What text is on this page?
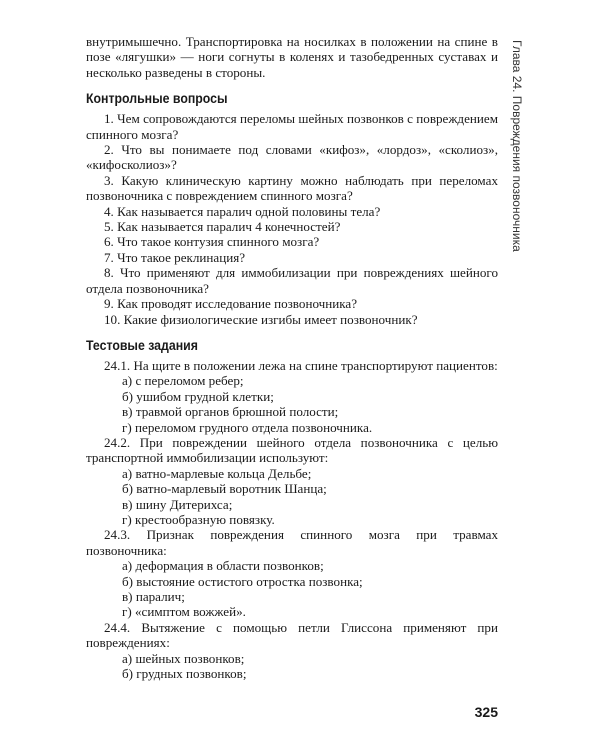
внутримышечно. Транспортировка на носилках в положении на спине в позе «лягушки» — ноги согнуты в коленях и тазобедренных суставах и несколько разведены в стороны.

Контрольные вопросы

1. Чем сопровождаются переломы шейных позвонков с повреждением спинного мозга?

2. Что вы понимаете под словами «кифоз», «лордоз», «сколиоз», «кифосколиоз»?

3. Какую клиническую картину можно наблюдать при переломах позвоночника с повреждением спинного мозга?

4. Как называется паралич одной половины тела?

5. Как называется паралич 4 конечностей?

6. Что такое контузия спинного мозга?

7. Что такое реклинация?

8. Что применяют для иммобилизации при повреждениях шейного отдела позвоночника?

9. Как проводят исследование позвоночника?

10. Какие физиологические изгибы имеет позвоночник?

Тестовые задания

24.1. На щите в положении лежа на спине транспортируют пациентов:

а) с переломом ребер;

б) ушибом грудной клетки;

в) травмой органов брюшной полости;

г) переломом грудного отдела позвоночника.

24.2. При повреждении шейного отдела позвоночника с целью транспортной иммобилизации используют:

а) ватно-марлевые кольца Дельбе;

б) ватно-марлевый воротник Шанца;

в) шину Дитерихса;

г) крестообразную повязку.

24.3. Признак повреждения спинного мозга при травмах позвоночника:

а) деформация в области позвонков;

б) выстояние остистого отростка позвонка;

в) паралич;

г) «симптом вожжей».

24.4. Вытяжение с помощью петли Глиссона применяют при повреждениях:

а) шейных позвонков;

б) грудных позвонков;

Глава 24. Повреждения позвоночника
325
